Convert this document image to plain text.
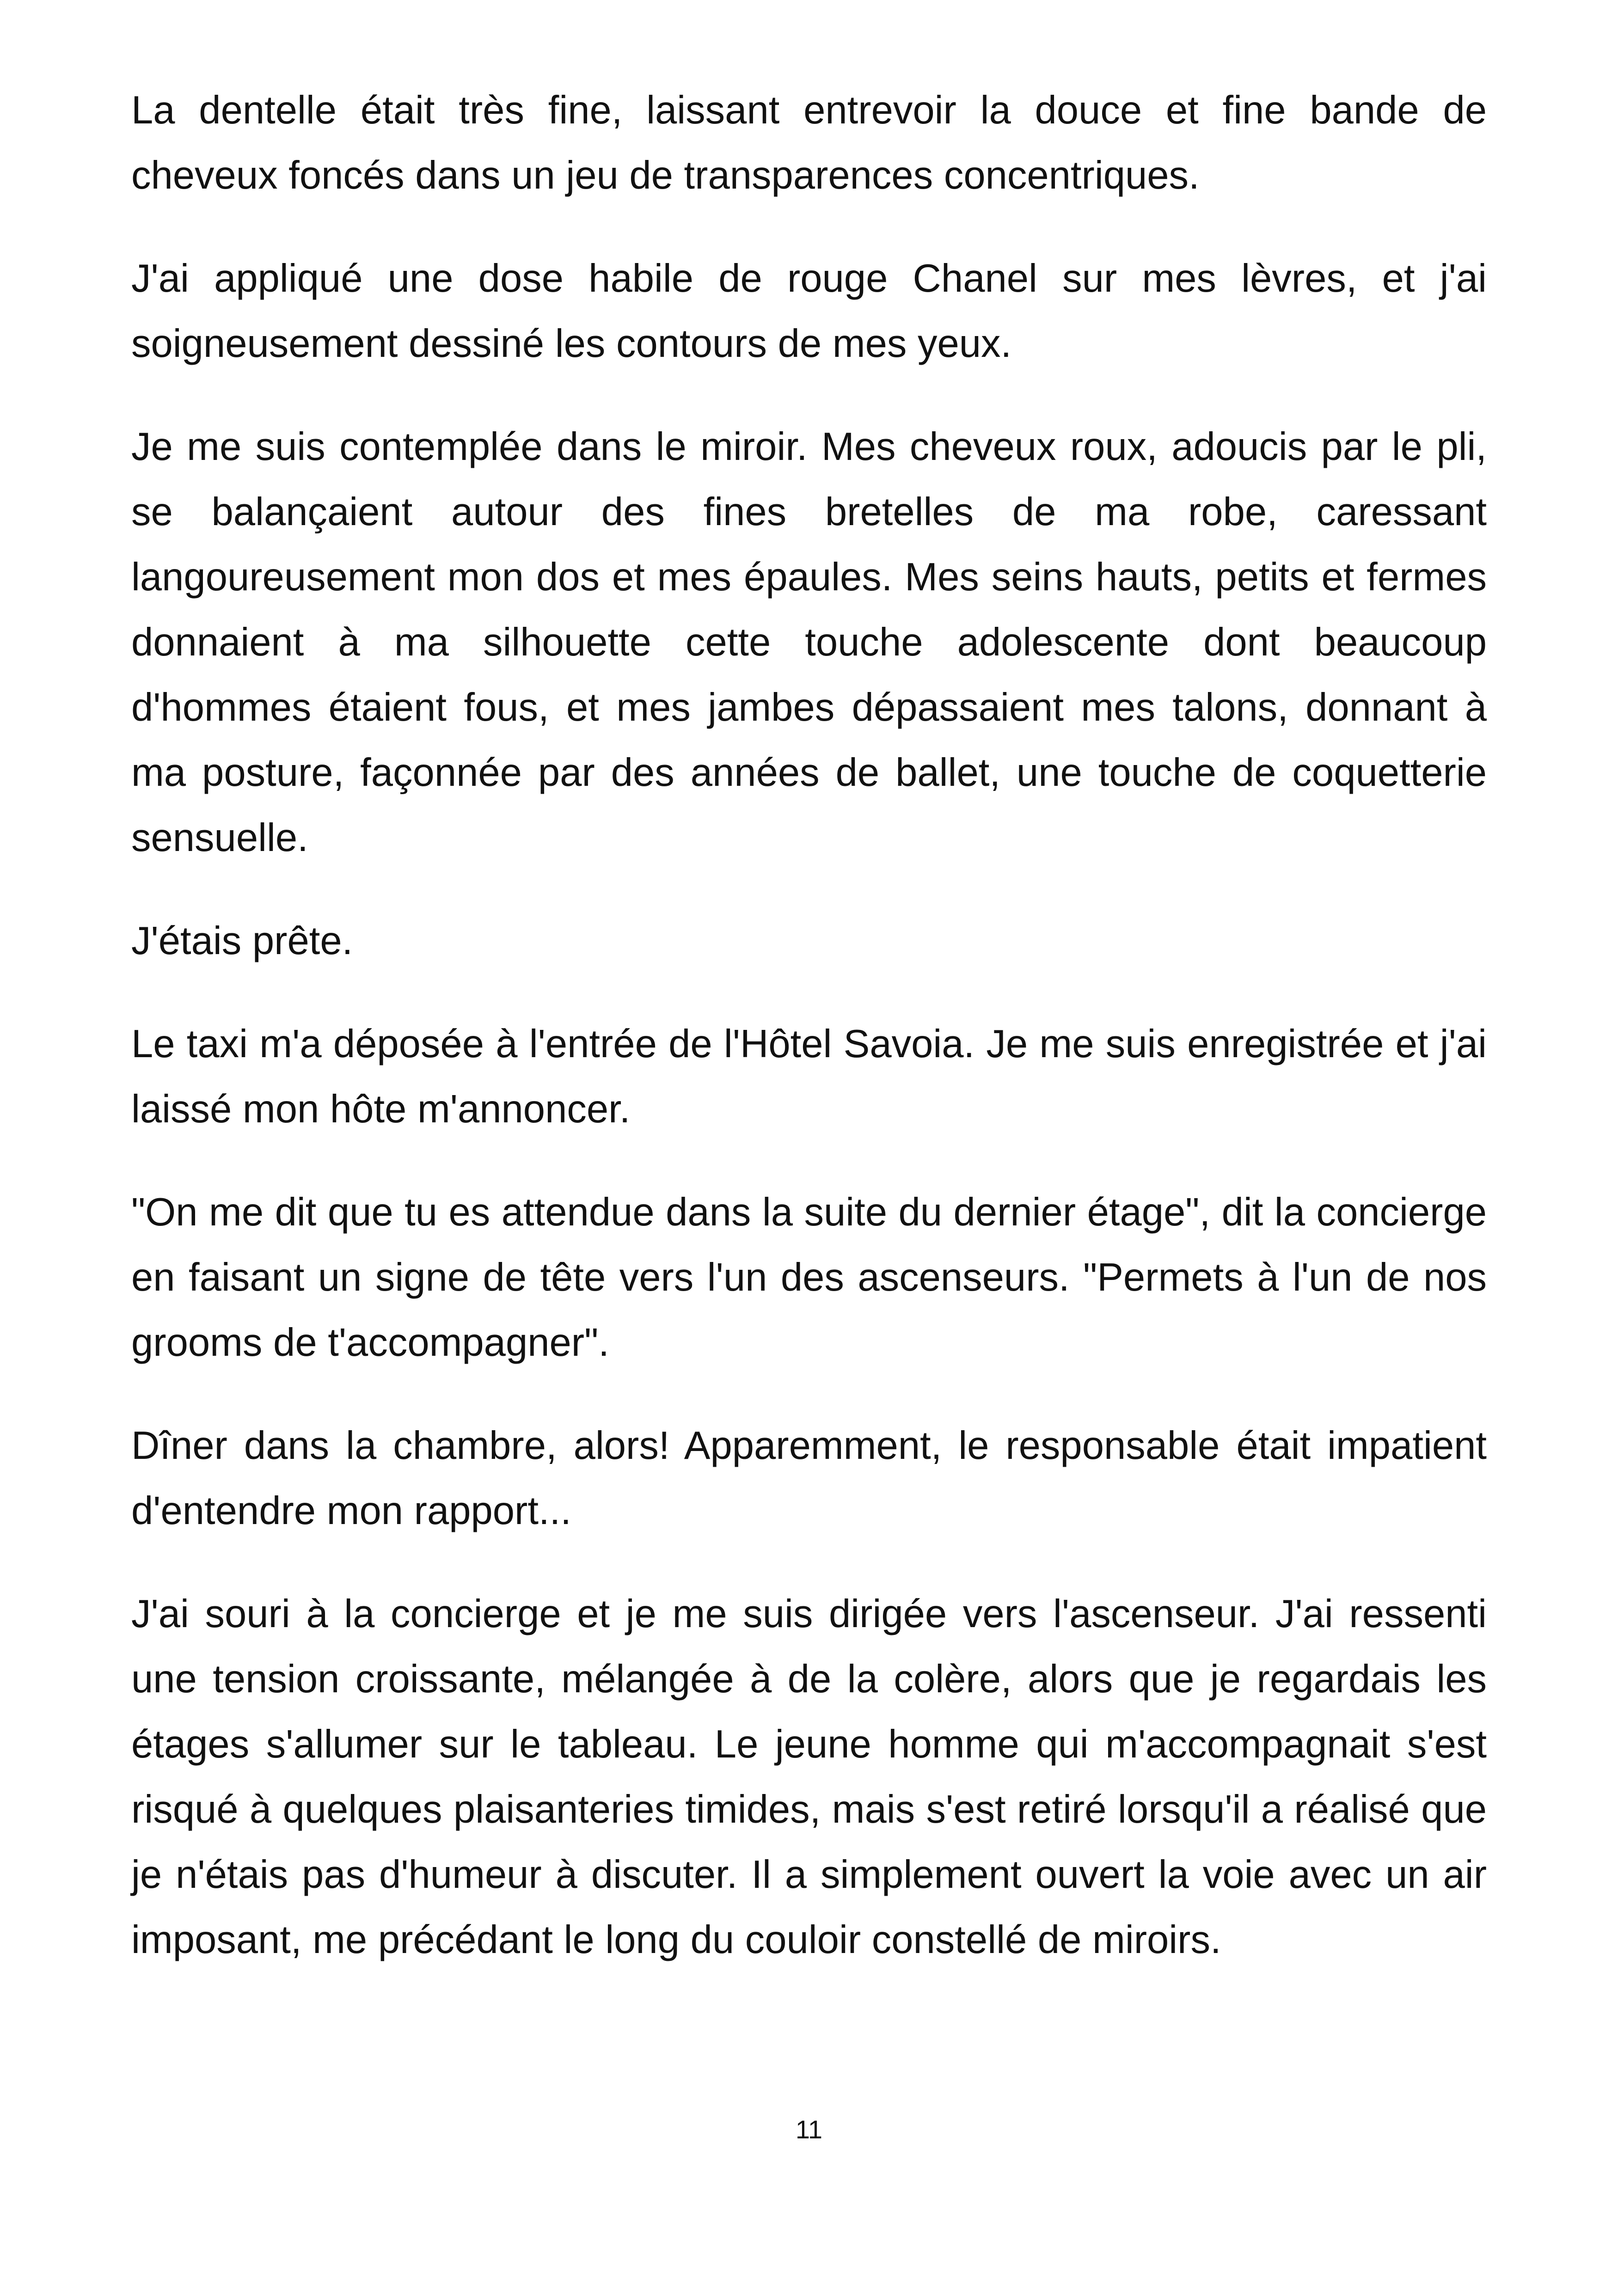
La dentelle était très fine, laissant entrevoir la douce et fine bande de cheveux foncés dans un jeu de transparences concentriques.

J'ai appliqué une dose habile de rouge Chanel sur mes lèvres, et j'ai soigneusement dessiné les contours de mes yeux.

Je me suis contemplée dans le miroir. Mes cheveux roux, adoucis par le pli, se balançaient autour des fines bretelles de ma robe, caressant langoureusement mon dos et mes épaules. Mes seins hauts, petits et fermes donnaient à ma silhouette cette touche adolescente dont beaucoup d'hommes étaient fous, et mes jambes dépassaient mes talons, donnant à ma posture, façonnée par des années de ballet, une touche de coquetterie sensuelle.

J'étais prête.

Le taxi m'a déposée à l'entrée de l'Hôtel Savoia. Je me suis enregistrée et j'ai laissé mon hôte m'annoncer.

"On me dit que tu es attendue dans la suite du dernier étage", dit la concierge en faisant un signe de tête vers l'un des ascenseurs. "Permets à l'un de nos grooms de t'accompagner".

Dîner dans la chambre, alors! Apparemment, le responsable était impatient d'entendre mon rapport...

J'ai souri à la concierge et je me suis dirigée vers l'ascenseur. J'ai ressenti une tension croissante, mélangée à de la colère, alors que je regardais les étages s'allumer sur le tableau. Le jeune homme qui m'accompagnait s'est risqué à quelques plaisanteries timides, mais s'est retiré lorsqu'il a réalisé que je n'étais pas d'humeur à discuter. Il a simplement ouvert la voie avec un air imposant, me précédant le long du couloir constellé de miroirs.

11
